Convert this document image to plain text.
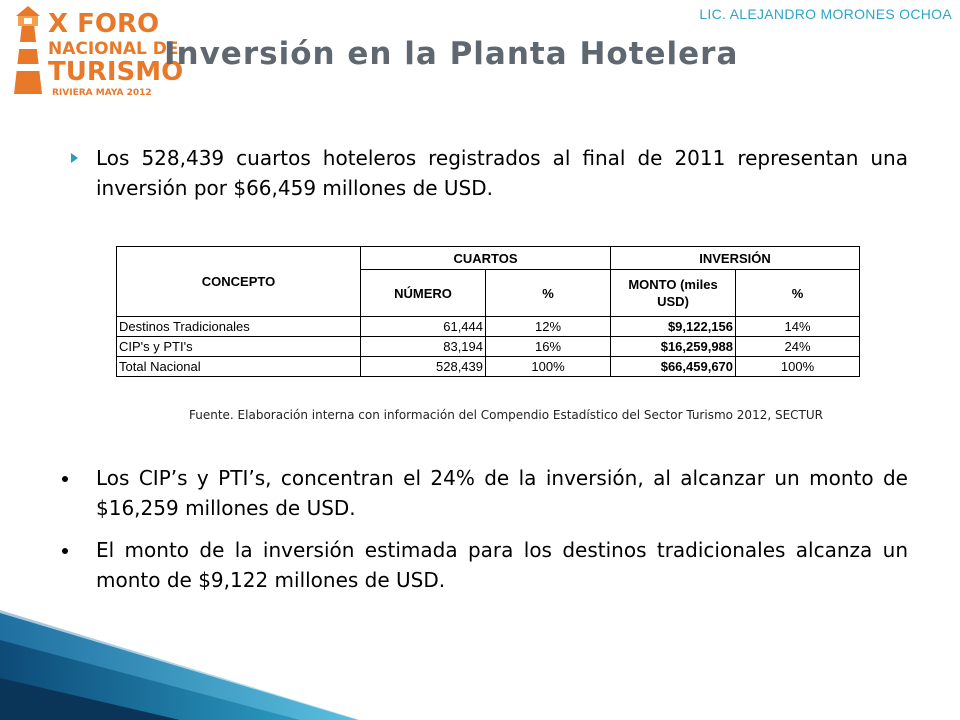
LIC. ALEJANDRO MORONES OCHOA
X FORO
NACIONAL DE
TURISMO
RIVIERA MAYA 2012
Inversión en la Planta Hotelera
Los 528,439 cuartos hoteleros registrados al final de 2011 representan una inversión por $66,459 millones de USD.
CONCEPTO	CUARTOS		INVERSIÓN	
	NÚMERO	%	MONTO (miles USD)	%
Destinos Tradicionales	61,444	12%	$9,122,156	14%
CIP's y PTI's	83,194	16%	$16,259,988	24%
Total Nacional	528,439	100%	$66,459,670	100%
Fuente. Elaboración interna con información del Compendio Estadístico del Sector Turismo 2012, SECTUR
Los CIP’s y PTI’s, concentran el 24% de la inversión, al alcanzar un monto de $16,259 millones de USD.
El monto de la inversión estimada para los destinos tradicionales alcanza un monto de $9,122 millones de USD.
